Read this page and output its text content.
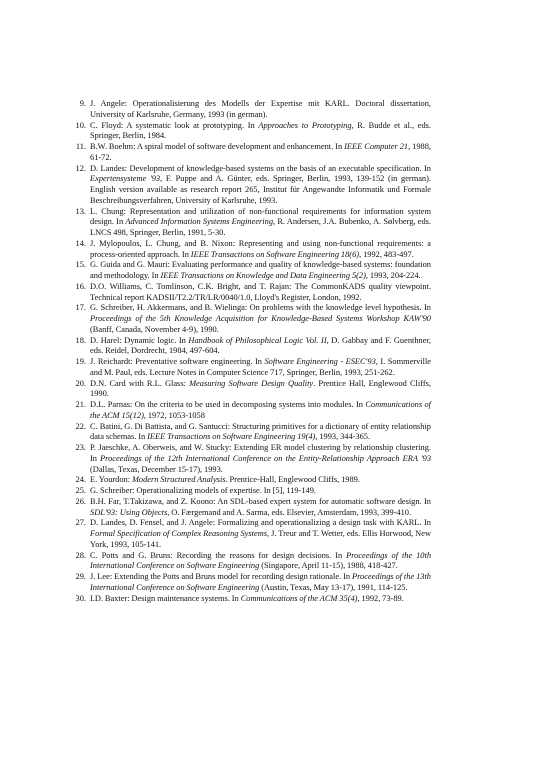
9 . J. Angele: Operationalisierung des Modells der Expertise mit KARL. Doctoral dissertation, University of Karlsruhe, Germany, 1993 (in german).
10 . C. Floyd: A systematic look at prototyping. In Approaches to Prototyping, R. Budde et al., eds. Springer, Berlin, 1984.
11 . B.W. Boehm: A spiral model of software development and enhancement. In IEEE Computer 21, 1988, 61-72.
12 . D. Landes: Development of knowledge-based systems on the basis of an executable specification. In Expertensysteme '93, F. Puppe and A. Günter, eds. Springer, Berlin, 1993, 139-152 (in german). English version available as research report 265, Institut für Angewandte Informatik und Formale Beschreibungsverfahren, University of Karlsruhe, 1993.
13 . L. Chung: Representation and utilization of non-functional requirements for information system design. In Advanced Information Systems Engineering, R. Andersen, J.A. Bubenko, A. Sølvberg, eds. LNCS 498, Springer, Berlin, 1991, 5-30.
14 . J. Mylopoulos, L. Chung, and B. Nixon: Representing and using non-functional requirements: a process-oriented approach. In IEEE Transactions on Software Engineering 18(6), 1992, 483-497.
15 . G. Guida and G. Mauri: Evaluating performance and quality of knowledge-based systems: foundation and methodology. In IEEE Transactions on Knowledge and Data Engineering 5(2), 1993, 204-224.
16 . D.O. Williams, C. Tomlinson, C.K. Bright, and T. Rajan: The CommonKADS quality viewpoint. Technical report KADSII/T2.2/TR/LR/0040/1.0, Lloyd's Register, London, 1992.
17 . G. Schreiber, H. Akkermans, and B. Wielinga: On problems with the knowledge level hypothesis. In Proceedings of the 5th Knowledge Acquisition for Knowledge-Based Systems Workshop KAW'90 (Banff, Canada, November 4-9), 1990.
18 . D. Harel: Dynamic logic. In Handbook of Philosophical Logic Vol. II, D. Gabbay and F. Guenthner, eds. Reidel, Dordrecht, 1984, 497-604.
19 . J. Reichardt: Preventative software engineering. In Software Engineering - ESEC'93, I. Sommerville and M. Paul, eds. Lecture Notes in Computer Science 717, Springer, Berlin, 1993, 251-262.
20 . D.N. Card with R.L. Glass: Measuring Software Design Quality. Prentice Hall, Englewood Cliffs, 1990.
21 . D.L. Parnas: On the criteria to be used in decomposing systems into modules. In Communications of the ACM 15(12), 1972, 1053-1058
22 . C. Batini, G. Di Battista, and G. Santucci: Structuring primitives for a dictionary of entity relationship data schemas. In IEEE Transactions on Software Engineering 19(4), 1993, 344-365.
23 . P. Jaeschke, A. Oberweis, and W. Stucky: Extending ER model clustering by relationship clustering. In Proceedings of the 12th International Conference on the Entity-Relationship Approach ERA '93 (Dallas, Texas, December 15-17), 1993.
24 . E. Yourdon: Modern Structured Analysis. Prentice-Hall, Englewood Cliffs, 1989.
25 . G. Schreiber: Operationalizing models of expertise. In [5], 119-149.
26 . B.H. Far, T.Takizawa, and Z. Koono: An SDL-based expert system for automatic software design. In SDL'93: Using Objects, O. Færgemand and A. Sarma, eds. Elsevier, Amsterdam, 1993, 399-410.
27 . D. Landes, D. Fensel, and J. Angele: Formalizing and operationalizing a design task with KARL. In Formal Specification of Complex Reasoning Systems, J. Treur and T. Wetter, eds. Ellis Horwood, New York, 1993, 105-141.
28 . C. Potts and G. Bruns: Recording the reasons for design decisions. In Proceedings of the 10th International Conference on Software Engineering (Singapore, April 11-15), 1988, 418-427.
29 . J. Lee: Extending the Potts and Bruns model for recording design rationale. In Proceedings of the 13th International Conference on Software Engineering (Austin, Texas, May 13-17), 1991, 114-125.
30 . I.D. Baxter: Design maintenance systems. In Communications of the ACM 35(4), 1992, 73-89.
